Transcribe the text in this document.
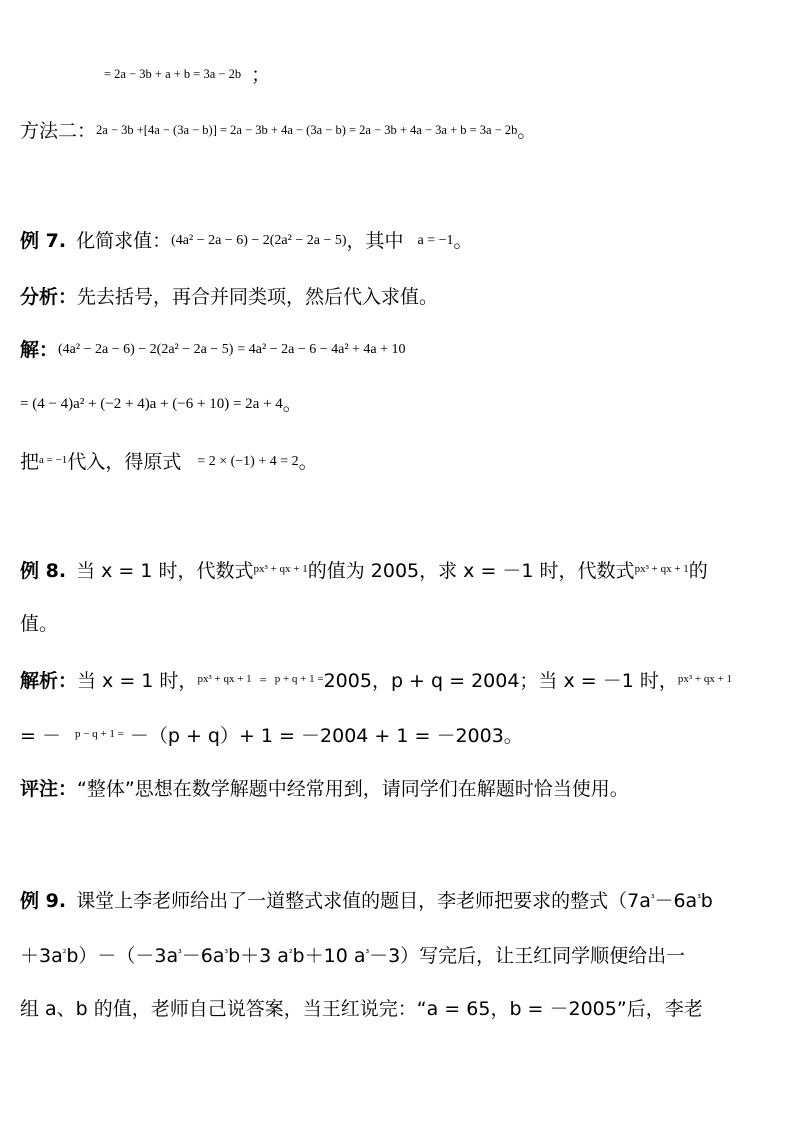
= 2a − 3b + a + b = 3a − 2b ；
方法二：2a − 3b +[4a − (3a − b)] = 2a − 3b + 4a − (3a − b) = 2a − 3b + 4a − 3a + b = 3a − 2b。
例 7. 化简求值：(4a² − 2a − 6) − 2(2a² − 2a − 5)，其中 a = −1。
分析：先去括号，再合并同类项，然后代入求值。
解：(4a² − 2a − 6) − 2(2a² − 2a − 5) = 4a² − 2a − 6 − 4a² + 4a + 10
= (4 − 4)a² + (−2 + 4)a + (−6 + 10) = 2a + 4。
把$^{a = -1}$代入，得原式 = 2 × (−1) + 4 = 2。
例 8. 当 x = 1 时，代数式$^{px^3 + qx + 1}$的值为 2005，求 x = －1 时，代数式$^{px^3 + qx + 1}$的
值。
解析：当 x = 1 时，$^{px^3 + qx + 1}$ = $^{p + q + 1 =}$2005，p + q = 2004；当 x = －1 时，$^{px^3 + qx + 1}$
= － $^{p - q + 1 =}$ －（p + q）+ 1 = －2004 + 1 = －2003。
评注：“整体”思想在数学解题中经常用到，请同学们在解题时恰当使用。
例 9. 课堂上李老师给出了一道整式求值的题目，李老师把要求的整式（$7a^{^3}-6a^{^3}b$
$+3a^{^2}b)-(-3a^{^3}-6a^{^3}b+3$ $a^{^2}b+10$ $a^{^3}-3$）写完后，让王红同学顺便给出一
组 a、b 的值，老师自己说答案，当王红说完：“a = 65，b = －2005”后，李老
